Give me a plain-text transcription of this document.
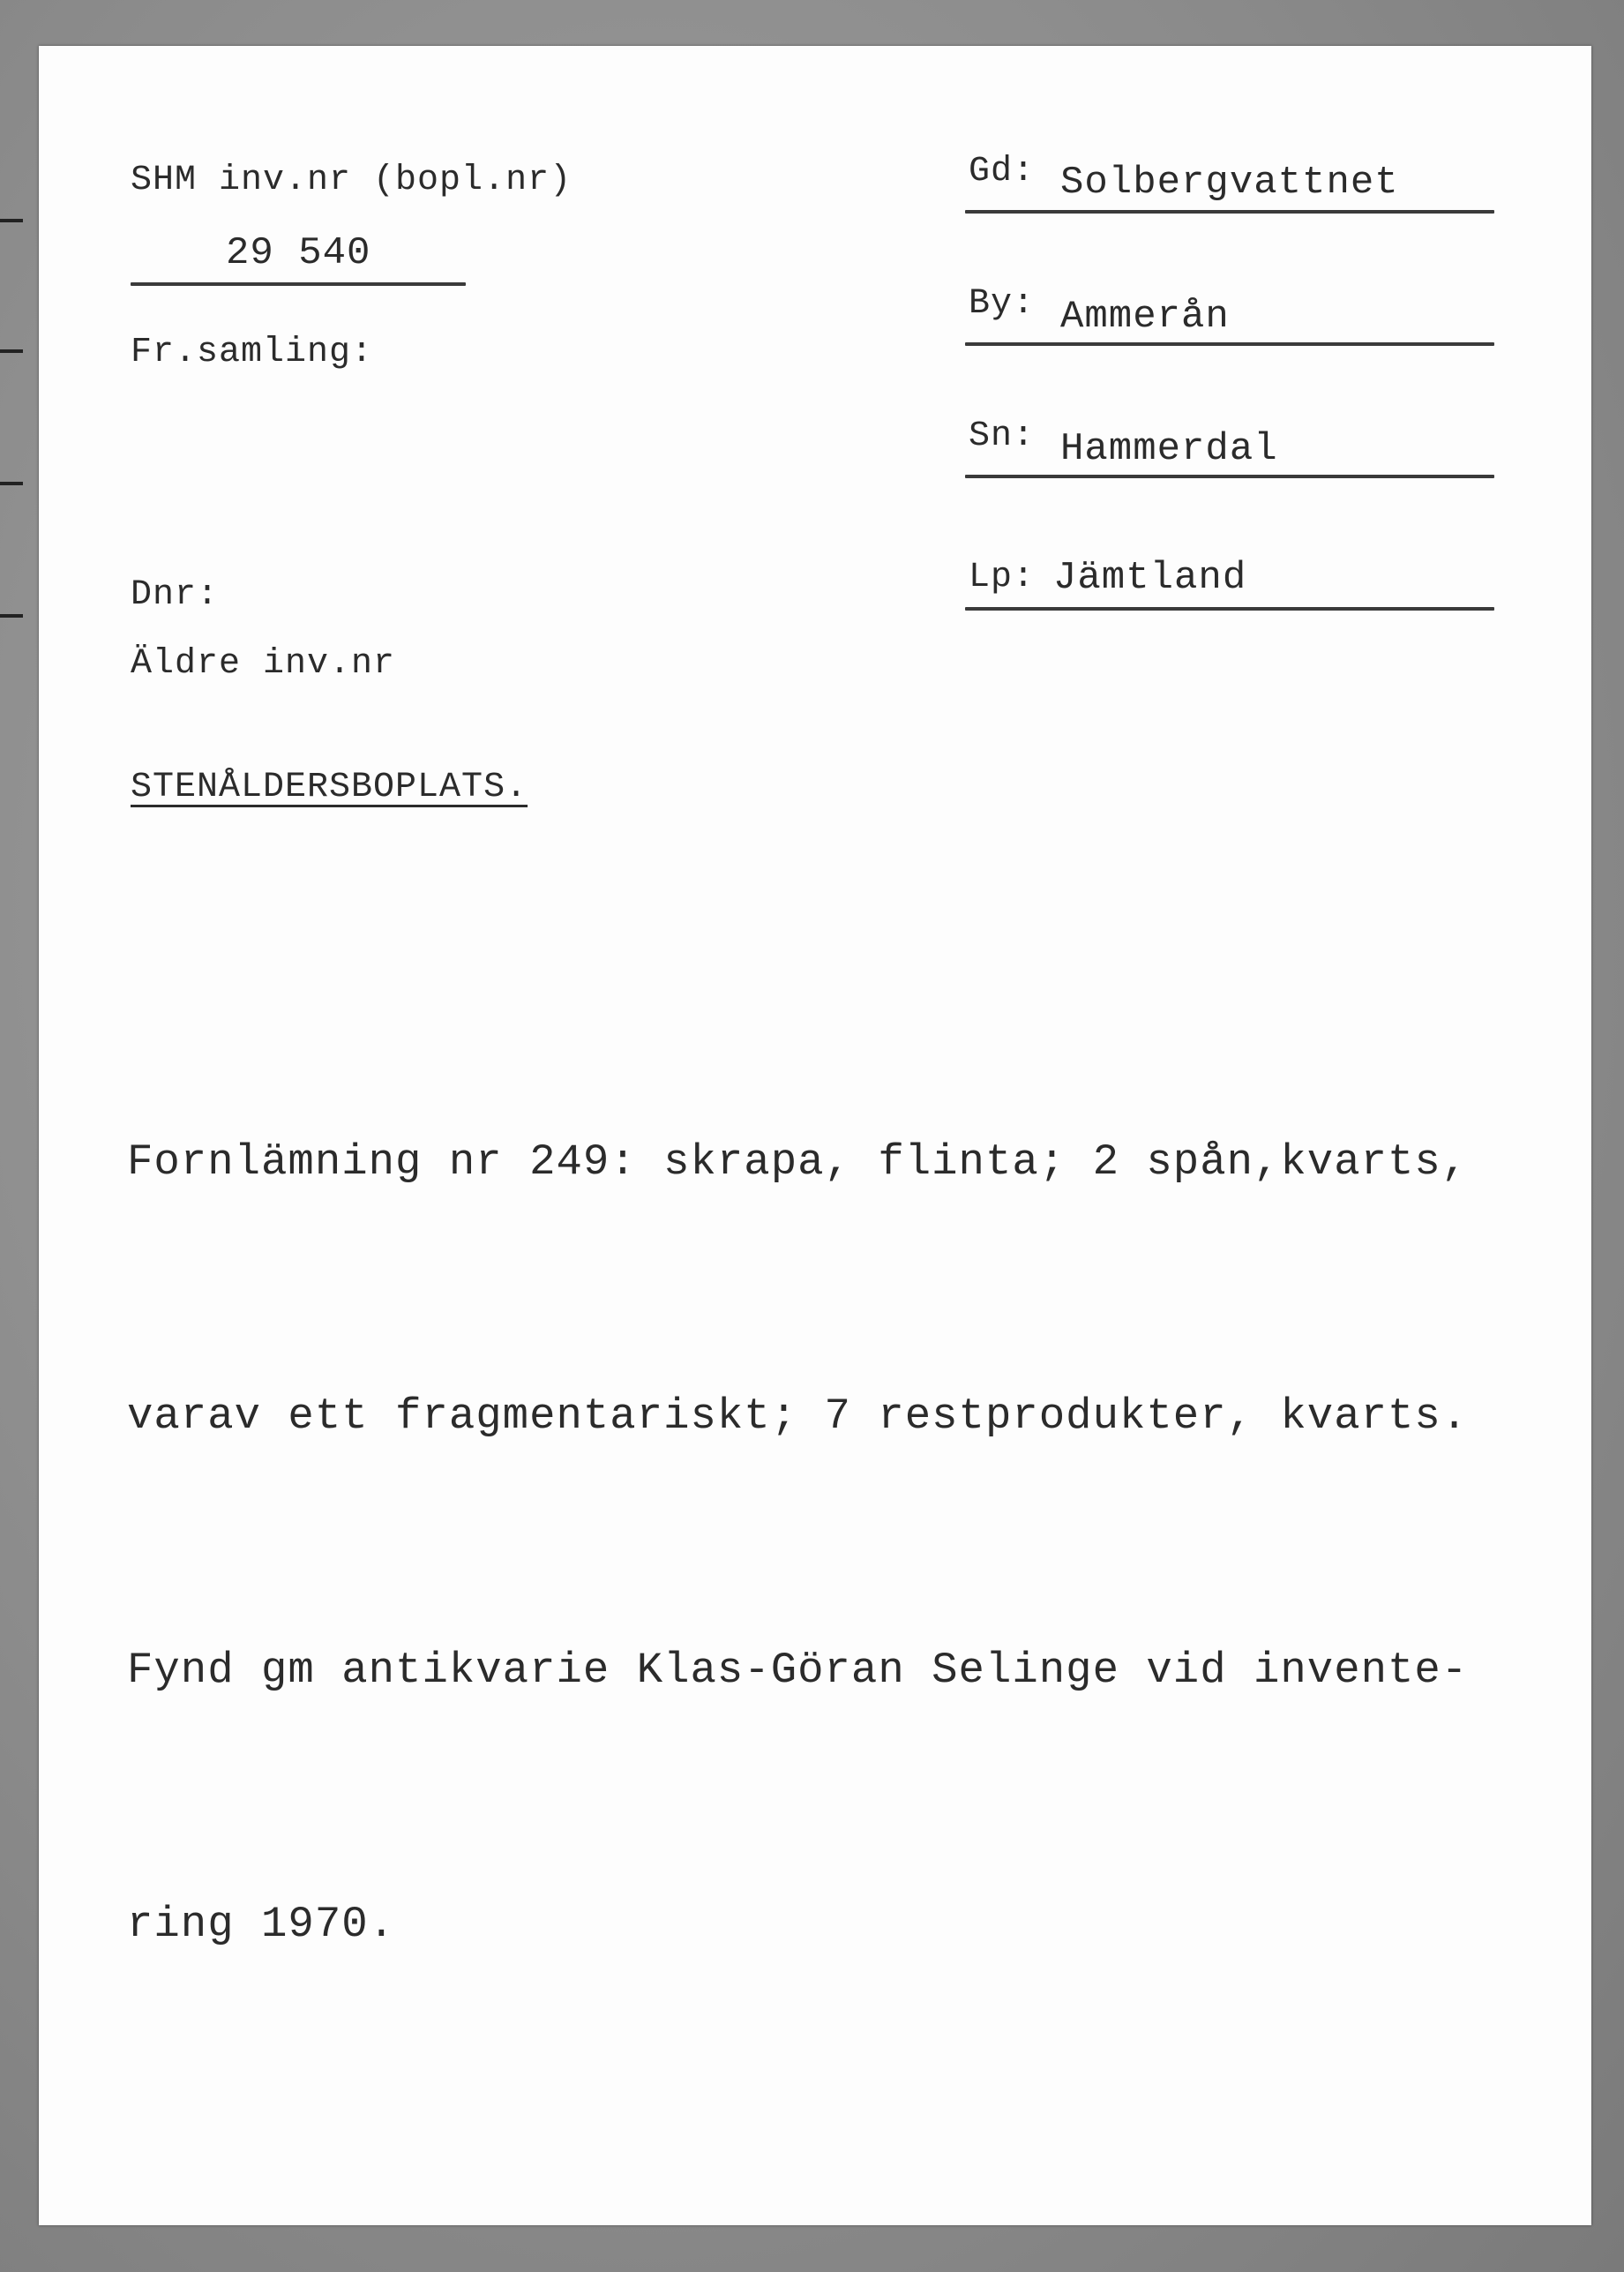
SHM inv.nr (bopl.nr)
29 540
Fr.samling:
Dnr:
Äldre inv.nr
Gd: Solbergvattnet
By: Ammerån
Sn: Hammerdal
Lp: Jämtland
STENÅLDERSBOPLATS.

Fornlämning nr 249: skrapa, flinta; 2 spån,kvarts,

varav ett fragmentariskt; 7 restprodukter, kvarts.

Fynd gm antikvarie Klas-Göran Selinge vid invente-

ring 1970.
